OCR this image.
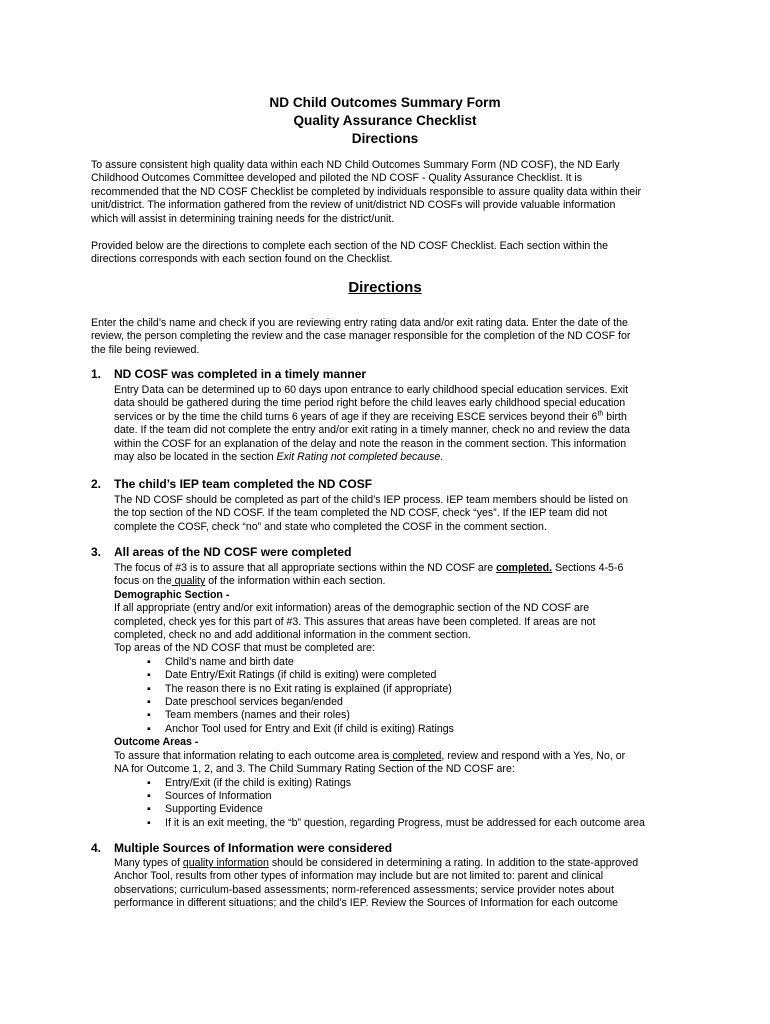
ND Child Outcomes Summary Form
Quality Assurance Checklist
Directions
To assure consistent high quality data within each ND Child Outcomes Summary Form (ND COSF), the ND Early
Childhood Outcomes Committee developed and piloted the ND COSF - Quality Assurance Checklist. It is
recommended that the ND COSF Checklist be completed by individuals responsible to assure quality data within their
unit/district. The information gathered from the review of unit/district ND COSFs will provide valuable information
which will assist in determining training needs for the district/unit.
Provided below are the directions to complete each section of the ND COSF Checklist. Each section within the
directions corresponds with each section found on the Checklist.
Directions
Enter the child’s name and check if you are reviewing entry rating data and/or exit rating data. Enter the date of the
review, the person completing the review and the case manager responsible for the completion of the ND COSF for
the file being reviewed.
1. ND COSF was completed in a timely manner
Entry Data can be determined up to 60 days upon entrance to early childhood special education services. Exit
data should be gathered during the time period right before the child leaves early childhood special education
services or by the time the child turns 6 years of age if they are receiving ESCE services beyond their 6th birth
date. If the team did not complete the entry and/or exit rating in a timely manner, check no and review the data
within the COSF for an explanation of the delay and note the reason in the comment section. This information
may also be located in the section Exit Rating not completed because.
2. The child’s IEP team completed the ND COSF
The ND COSF should be completed as part of the child’s IEP process. IEP team members should be listed on
the top section of the ND COSF. If the team completed the ND COSF, check “yes”. If the IEP team did not
complete the COSF, check “no” and state who completed the COSF in the comment section.
3. All areas of the ND COSF were completed
The focus of #3 is to assure that all appropriate sections within the ND COSF are completed. Sections 4-5-6
focus on the quality of the information within each section.
Demographic Section -
If all appropriate (entry and/or exit information) areas of the demographic section of the ND COSF are
completed, check yes for this part of #3. This assures that areas have been completed. If areas are not
completed, check no and add additional information in the comment section.
Top areas of the ND COSF that must be completed are:
▪ Child’s name and birth date
▪ Date Entry/Exit Ratings (if child is exiting) were completed
▪ The reason there is no Exit rating is explained (if appropriate)
▪ Date preschool services began/ended
▪ Team members (names and their roles)
▪ Anchor Tool used for Entry and Exit (if child is exiting) Ratings
Outcome Areas -
To assure that information relating to each outcome area is completed, review and respond with a Yes, No, or
NA for Outcome 1, 2, and 3. The Child Summary Rating Section of the ND COSF are:
▪ Entry/Exit (if the child is exiting) Ratings
▪ Sources of Information
▪ Supporting Evidence
▪ If it is an exit meeting, the “b” question, regarding Progress, must be addressed for each outcome area
4. Multiple Sources of Information were considered
Many types of quality information should be considered in determining a rating. In addition to the state-approved
Anchor Tool, results from other types of information may include but are not limited to: parent and clinical
observations; curriculum-based assessments; norm-referenced assessments; service provider notes about
performance in different situations; and the child’s IEP. Review the Sources of Information for each outcome
